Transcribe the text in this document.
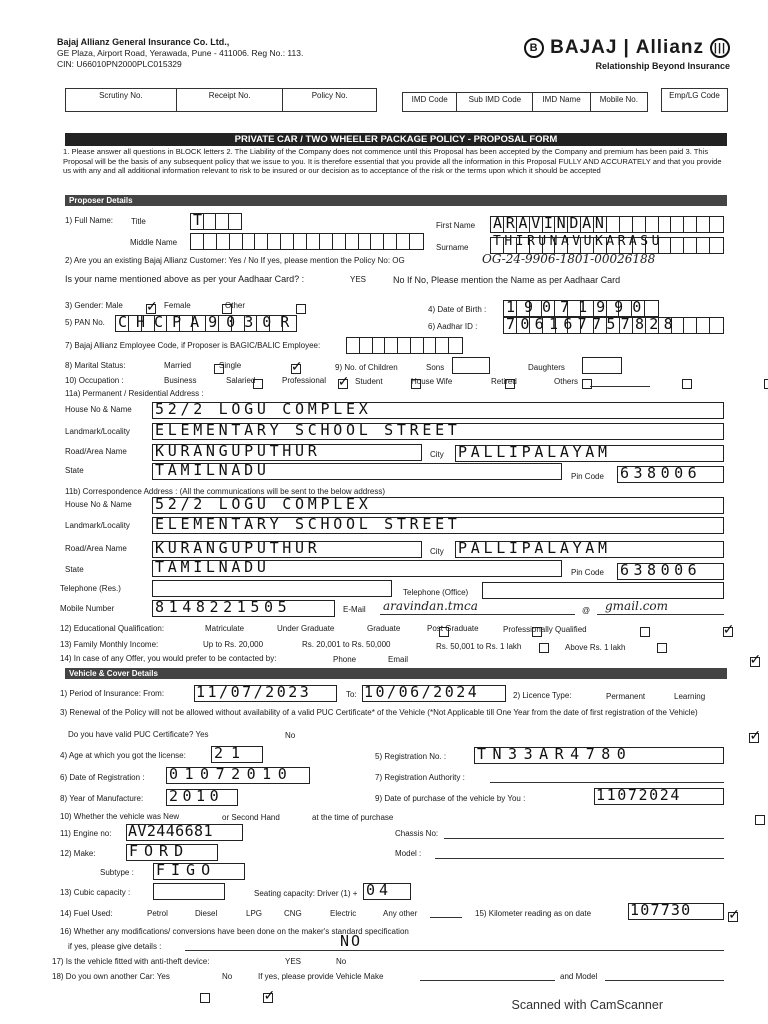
Bajaj Allianz General Insurance Co. Ltd.,
GE Plaza, Airport Road, Yerawada, Pune - 411006. Reg No.: 113.
CIN: U66010PN2000PLC015329
B BAJAJ | Allianz |||
Relationship Beyond Insurance
Scrutiny No.	Receipt No.	Policy No.	IMD Code	Sub IMD Code	IMD Name	Mobile No.	Emp/LG Code
PRIVATE CAR / TWO WHEELER PACKAGE POLICY - PROPOSAL FORM
1. Please answer all questions in BLOCK letters 2. The Liability of the Company does not commence until this Proposal has been accepted by the Company and premium has been paid 3. This Proposal will be the basis of any subsequent policy that we issue to you. It is therefore essential that you provide all the information in this Proposal FULLY AND ACCURATELY and that you provide us with any and all additional information relevant to risk to be insured or our decision as to acceptance of the risk or the terms upon which it should be accepted
Proposer Details
1) Full Name: Title	T	First Name ARAVINDAN
Middle Name
Surname THIRUNAVUKARASU
2) Are you an existing Bajaj Allianz Customer: Yes / No If yes, please mention the Policy No: OG	OG-24-9906-1801-00026188
Is your name mentioned above as per your Aadhaar Card? :	YES	No If No, Please mention the Name as per Aadhaar Card
3) Gender: Male ✓	Female
	Other
	4) Date of Birth : 19071990
5) PAN No. CHCPA9030R	6) Aadhar ID : 706167757828
7) Bajaj Allianz Employee Code, if Proposer is BAGIC/BALIC Employee:
8) Marital Status:
	Married ✓	Single	9) No. of Children	Sons	Daughters
10) Occupation :
	Business ✓	Salaried
	Professional
	Student
	House Wife
	Retired
	Others
11a) Permanent / Residential Address :
House No & Name 52/2 LOGU COMPLEX
Landmark/Locality ELEMENTARY SCHOOL STREET
Road/Area Name KURANGUPUTHUR	City PALLIPALAYAM
State	TAMILNADU	Pin Code 638006
11b) Correspondence Address : (All the communications will be sent to the below address)
House No & Name 52/2 LOGU COMPLEX
Landmark/Locality ELEMENTARY SCHOOL STREET
Road/Area Name KURANGUPUTHUR	City PALLIPALAYAM
State	TAMILNADU	Pin Code 638006
Telephone (Res.)	Telephone (Office)
Mobile Number	8148221505	E-Mail aravindan.tmca	@ gmail.com
12) Educational Qualification:
	Matriculate
	Under Graduate
	Graduate ✓	Post Graduate
	Professionally Qualified
13) Family Monthly Income:
	Up to Rs. 20,000
	Rs. 20,001 to Rs. 50,000
	Rs. 50,001 to Rs. 1 lakh
	Above Rs. 1 lakh
14) In case of any Offer, you would prefer to be contacted by: ✓	Phone
	Email
Vehicle & Cover Details
1) Period of Insurance: From: 11/07/2023	To: 10/06/2024	2) Licence Type:
	Permanent
	Learning
3) Renewal of the Policy will not be allowed without availability of a valid PUC Certificate* of the Vehicle (*Not Applicable till One Year from the date of first registration of the Vehicle)
Do you have valid PUC Certificate? Yes ✓	No

4) Age at which you got the license: 21	5) Registration No. : TN33AR4780
6) Date of Registration : 01072010	7) Registration Authority :
8) Year of Manufacture: 2010	9) Date of purchase of the vehicle by You :	11072024
10) Whether the vehicle was New
	or Second Hand
	at the time of purchase
11) Engine no: AV2446681	Chassis No:
12) Make: FORD	Model :
Subtype : FIGO
13) Cubic capacity :	Seating capacity: Driver (1) + 04
14) Fuel Used: ✓	Petrol
	Diesel
	LPG
	CNG
	Electric
	Any other	15) Kilometer reading as on date	107730
16) Whether any modifications/ conversions have been done on the maker's standard specification
if yes, please give details :	NO
17) Is the vehicle fitted with anti-theft device:	YES
	No

18) Do you own another Car: Yes
	No
✓	If yes, please provide Vehicle Make	and Model
Scanned with CamScanner
